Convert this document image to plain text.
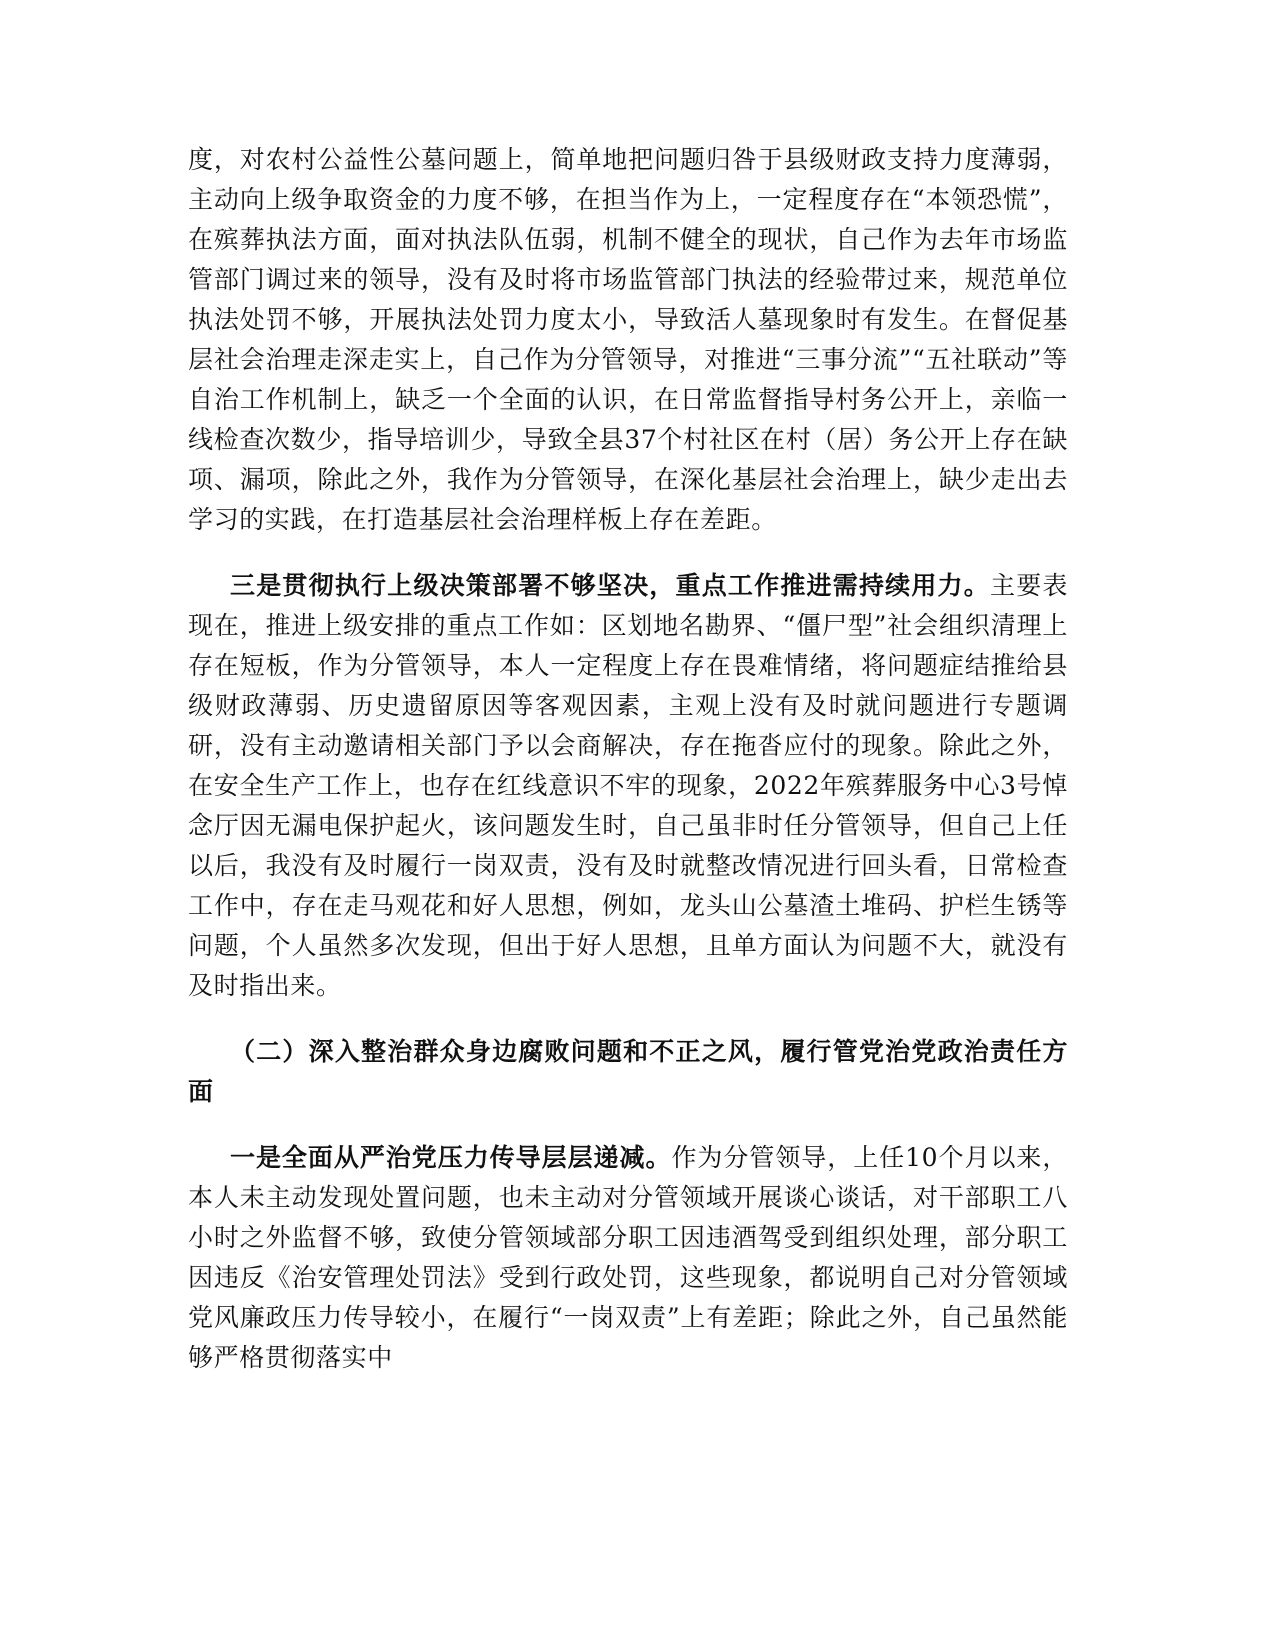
度，对农村公益性公墓问题上，简单地把问题归咎于县级财政支持力度薄弱，主动向上级争取资金的力度不够，在担当作为上，一定程度存在“本领恐慌”，在殡葬执法方面，面对执法队伍弱，机制不健全的现状，自己作为去年市场监管部门调过来的领导，没有及时将市场监管部门执法的经验带过来，规范单位执法处罚不够，开展执法处罚力度太小，导致活人墓现象时有发生。在督促基层社会治理走深走实上，自己作为分管领导，对推进“三事分流”“五社联动”等自治工作机制上，缺乏一个全面的认识，在日常监督指导村务公开上，亲临一线检查次数少，指导培训少，导致全县37个村社区在村（居）务公开上存在缺项、漏项，除此之外，我作为分管领导，在深化基层社会治理上，缺少走出去学习的实践，在打造基层社会治理样板上存在差距。

三是贯彻执行上级决策部署不够坚决，重点工作推进需持续用力。主要表现在，推进上级安排的重点工作如：区划地名勘界、“僵尸型”社会组织清理上存在短板，作为分管领导，本人一定程度上存在畏难情绪，将问题症结推给县级财政薄弱、历史遗留原因等客观因素，主观上没有及时就问题进行专题调研，没有主动邀请相关部门予以会商解决，存在拖沓应付的现象。除此之外，在安全生产工作上，也存在红线意识不牢的现象，2022年殡葬服务中心3号悼念厅因无漏电保护起火，该问题发生时，自己虽非时任分管领导，但自己上任以后，我没有及时履行一岗双责，没有及时就整改情况进行回头看，日常检查工作中，存在走马观花和好人思想，例如，龙头山公墓渣土堆码、护栏生锈等问题，个人虽然多次发现，但出于好人思想，且单方面认为问题不大，就没有及时指出来。

（二）深入整治群众身边腐败问题和不正之风，履行管党治党政治责任方面

一是全面从严治党压力传导层层递减。作为分管领导，上任10个月以来，本人未主动发现处置问题，也未主动对分管领域开展谈心谈话，对干部职工八小时之外监督不够，致使分管领域部分职工因违酒驾受到组织处理，部分职工因违反《治安管理处罚法》受到行政处罚，这些现象，都说明自己对分管领域党风廉政压力传导较小，在履行“一岗双责”上有差距；除此之外，自己虽然能够严格贯彻落实中
